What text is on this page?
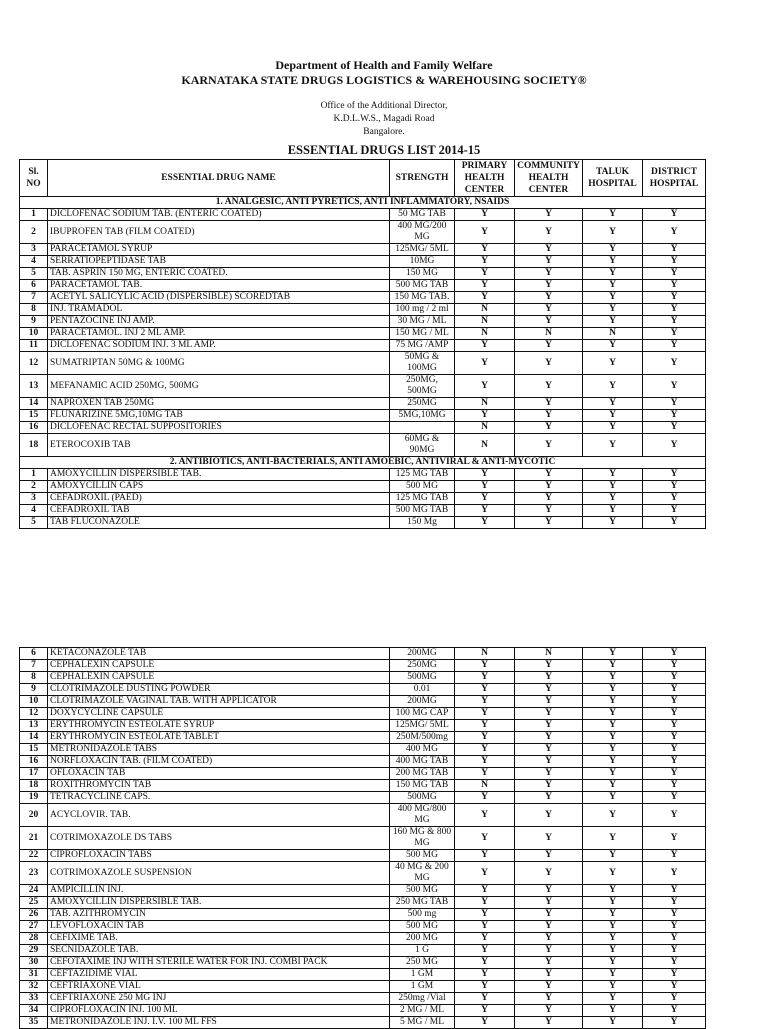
Department of Health and Family Welfare
KARNATAKA STATE DRUGS LOGISTICS & WAREHOUSING SOCIETY®
Office of the Additional Director,
K.D.L.W.S., Magadi Road
Bangalore.
ESSENTIAL DRUGS LIST 2014-15
Sl. NO	ESSENTIAL DRUG NAME	STRENGTH	PRIMARY HEALTH CENTER	COMMUNITY HEALTH CENTER	TALUK HOSPITAL	DISTRICT HOSPITAL
1. ANALGESIC, ANTI PYRETICS, ANTI INFLAMMATORY, NSAIDS						
1	DICLOFENAC SODIUM TAB. (ENTERIC COATED)	50 MG TAB	Y	Y	Y	Y
2	IBUPROFEN TAB (FILM COATED)	400 MG/200 MG	Y	Y	Y	Y
3	PARACETAMOL SYRUP	125MG/ 5ML	Y	Y	Y	Y
4	SERRATIOPEPTIDASE TAB	10MG	Y	Y	Y	Y
5	TAB. ASPRIN 150 MG, ENTERIC COATED.	150 MG	Y	Y	Y	Y
6	PARACETAMOL TAB.	500 MG TAB	Y	Y	Y	Y
7	ACETYL SALICYLIC ACID (DISPERSIBLE) SCOREDTAB	150 MG TAB.	Y	Y	Y	Y
8	INJ. TRAMADOL	100 mg / 2 ml	N	Y	Y	Y
9	PENTAZOCINE INJ AMP.	30 MG / ML	N	Y	Y	Y
10	PARACETAMOL. INJ 2 ML AMP.	150 MG / ML	N	N	N	Y
11	DICLOFENAC SODIUM INJ. 3 ML AMP.	75 MG /AMP	Y	Y	Y	Y
12	SUMATRIPTAN 50MG & 100MG	50MG & 100MG	Y	Y	Y	Y
13	MEFANAMIC ACID 250MG, 500MG	250MG, 500MG	Y	Y	Y	Y
14	NAPROXEN TAB 250MG	250MG	N	Y	Y	Y
15	FLUNARIZINE 5MG,10MG TAB	5MG,10MG	Y	Y	Y	Y
16	DICLOFENAC RECTAL SUPPOSITORIES		N	Y	Y	Y
18	ETEROCOXIB TAB	60MG & 90MG	N	Y	Y	Y
2. ANTIBIOTICS, ANTI-BACTERIALS, ANTI AMOEBIC, ANTIVIRAL & ANTI-MYCOTIC						
1	AMOXYCILLIN DISPERSIBLE TAB.	125 MG TAB	Y	Y	Y	Y
2	AMOXYCILLIN CAPS	500 MG	Y	Y	Y	Y
3	CEFADROXIL (PAED)	125 MG TAB	Y	Y	Y	Y
4	CEFADROXIL TAB	500 MG TAB	Y	Y	Y	Y
5	TAB FLUCONAZOLE	150 Mg	Y	Y	Y	Y
6	KETACONAZOLE TAB	200MG	N	N	Y	Y
7	CEPHALEXIN CAPSULE	250MG	Y	Y	Y	Y
8	CEPHALEXIN CAPSULE	500MG	Y	Y	Y	Y
9	CLOTRIMAZOLE DUSTING POWDER	0.01	Y	Y	Y	Y
10	CLOTRIMAZOLE VAGINAL TAB. WITH APPLICATOR	200MG	Y	Y	Y	Y
12	DOXYCYCLINE CAPSULE	100 MG CAP	Y	Y	Y	Y
13	ERYTHROMYCIN ESTEOLATE SYRUP	125MG/ 5ML	Y	Y	Y	Y
14	ERYTHROMYCIN ESTEOLATE TABLET	250M/500mg	Y	Y	Y	Y
15	METRONIDAZOLE TABS	400 MG	Y	Y	Y	Y
16	NORFLOXACIN TAB. (FILM COATED)	400 MG TAB	Y	Y	Y	Y
17	OFLOXACIN TAB	200 MG TAB	Y	Y	Y	Y
18	ROXITHROMYCIN TAB	150 MG TAB	N	Y	Y	Y
19	TETRACYCLINE CAPS.	500MG	Y	Y	Y	Y
20	ACYCLOVIR. TAB.	400 MG/800 MG	Y	Y	Y	Y
21	COTRIMOXAZOLE DS TABS	160 MG & 800 MG	Y	Y	Y	Y
22	CIPROFLOXACIN TABS	500 MG	Y	Y	Y	Y
23	COTRIMOXAZOLE SUSPENSION	40 MG & 200 MG	Y	Y	Y	Y
24	AMPICILLIN INJ.	500 MG	Y	Y	Y	Y
25	AMOXYCILLIN DISPERSIBLE TAB.	250 MG TAB	Y	Y	Y	Y
26	TAB. AZITHROMYCIN	500 mg	Y	Y	Y	Y
27	LEVOFLOXACIN TAB	500 MG	Y	Y	Y	Y
28	CEFIXIME TAB.	200 MG	Y	Y	Y	Y
29	SECNIDAZOLE TAB.	1 G	Y	Y	Y	Y
30	CEFOTAXIME INJ WITH STERILE WATER FOR INJ. COMBI PACK	250 MG	Y	Y	Y	Y
31	CEFTAZIDIME VIAL	1 GM	Y	Y	Y	Y
32	CEFTRIAXONE VIAL	1 GM	Y	Y	Y	Y
33	CEFTRIAXONE 250 MG INJ	250mg /Vial	Y	Y	Y	Y
34	CIPROFLOXACIN INJ. 100 ML	2 MG / ML	Y	Y	Y	Y
35	METRONIDAZOLE INJ. I.V. 100 ML FFS	5 MG / ML	Y	Y	Y	Y
